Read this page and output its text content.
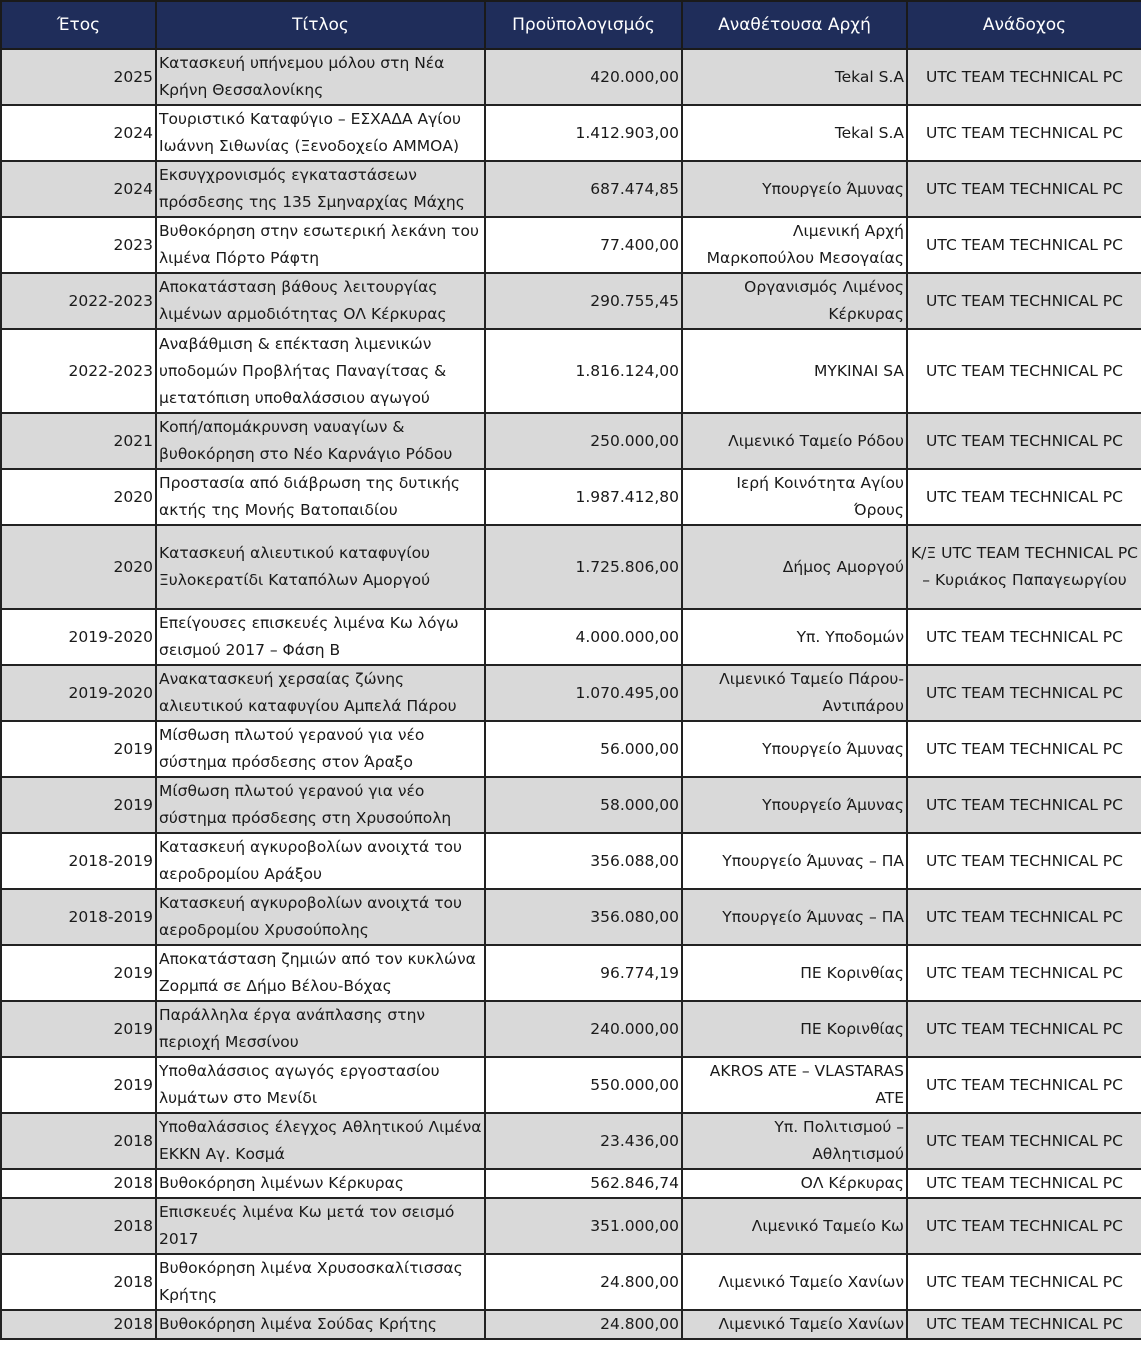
Έτος	Τίτλος	Προϋπολογισμός	Αναθέτουσα Αρχή	Ανάδοχος
2025	Κατασκευή υπήνεμου μόλου στη Νέα Κρήνη Θεσσαλονίκης	420.000,00	Tekal S.A	UTC TEAM TECHNICAL PC
2024	Τουριστικό Καταφύγιο – ΕΣΧΑΔΑ Αγίου Ιωάννη Σιθωνίας (Ξενοδοχείο ΑΜΜΟΑ)	1.412.903,00	Tekal S.A	UTC TEAM TECHNICAL PC
2024	Εκσυγχρονισμός εγκαταστάσεων πρόσδεσης της 135 Σμηναρχίας Μάχης	687.474,85	Υπουργείο Άμυνας	UTC TEAM TECHNICAL PC
2023	Βυθοκόρηση στην εσωτερική λεκάνη του λιμένα Πόρτο Ράφτη	77.400,00	Λιμενική Αρχή Μαρκοπούλου Μεσογαίας	UTC TEAM TECHNICAL PC
2022-2023	Αποκατάσταση βάθους λειτουργίας λιμένων αρμοδιότητας ΟΛ Κέρκυρας	290.755,45	Οργανισμός Λιμένος Κέρκυρας	UTC TEAM TECHNICAL PC
2022-2023	Αναβάθμιση & επέκταση λιμενικών υποδομών Προβλήτας Παναγίτσας & μετατόπιση υποθαλάσσιου αγωγού	1.816.124,00	ΜΥΚΙΝΑΙ SA	UTC TEAM TECHNICAL PC
2021	Κοπή/απομάκρυνση ναυαγίων & βυθοκόρηση στο Νέο Καρνάγιο Ρόδου	250.000,00	Λιμενικό Ταμείο Ρόδου	UTC TEAM TECHNICAL PC
2020	Προστασία από διάβρωση της δυτικής ακτής της Μονής Βατοπαιδίου	1.987.412,80	Ιερή Κοινότητα Αγίου Όρους	UTC TEAM TECHNICAL PC
2020	Κατασκευή αλιευτικού καταφυγίου Ξυλοκερατίδι Καταπόλων Αμοργού	1.725.806,00	Δήμος Αμοργού	Κ/Ξ UTC TEAM TECHNICAL PC – Κυριάκος Παπαγεωργίου
2019-2020	Επείγουσες επισκευές λιμένα Κω λόγω σεισμού 2017 – Φάση Β	4.000.000,00	Υπ. Υποδομών	UTC TEAM TECHNICAL PC
2019-2020	Ανακατασκευή χερσαίας ζώνης αλιευτικού καταφυγίου Αμπελά Πάρου	1.070.495,00	Λιμενικό Ταμείο Πάρου-Αντιπάρου	UTC TEAM TECHNICAL PC
2019	Μίσθωση πλωτού γερανού για νέο σύστημα πρόσδεσης στον Άραξο	56.000,00	Υπουργείο Άμυνας	UTC TEAM TECHNICAL PC
2019	Μίσθωση πλωτού γερανού για νέο σύστημα πρόσδεσης στη Χρυσούπολη	58.000,00	Υπουργείο Άμυνας	UTC TEAM TECHNICAL PC
2018-2019	Κατασκευή αγκυροβολίων ανοιχτά του αεροδρομίου Αράξου	356.088,00	Υπουργείο Άμυνας – ΠΑ	UTC TEAM TECHNICAL PC
2018-2019	Κατασκευή αγκυροβολίων ανοιχτά του αεροδρομίου Χρυσούπολης	356.080,00	Υπουργείο Άμυνας – ΠΑ	UTC TEAM TECHNICAL PC
2019	Αποκατάσταση ζημιών από τον κυκλώνα Ζορμπά σε Δήμο Βέλου-Βόχας	96.774,19	ΠΕ Κορινθίας	UTC TEAM TECHNICAL PC
2019	Παράλληλα έργα ανάπλασης στην περιοχή Μεσσίνου	240.000,00	ΠΕ Κορινθίας	UTC TEAM TECHNICAL PC
2019	Υποθαλάσσιος αγωγός εργοστασίου λυμάτων στο Μενίδι	550.000,00	AKROS ATE – VLASTARAS ATE	UTC TEAM TECHNICAL PC
2018	Υποθαλάσσιος έλεγχος Αθλητικού Λιμένα ΕΚΚΝ Αγ. Κοσμά	23.436,00	Υπ. Πολιτισμού – Αθλητισμού	UTC TEAM TECHNICAL PC
2018	Βυθοκόρηση λιμένων Κέρκυρας	562.846,74	ΟΛ Κέρκυρας	UTC TEAM TECHNICAL PC
2018	Επισκευές λιμένα Κω μετά τον σεισμό 2017	351.000,00	Λιμενικό Ταμείο Κω	UTC TEAM TECHNICAL PC
2018	Βυθοκόρηση λιμένα Χρυσοσκαλίτισσας Κρήτης	24.800,00	Λιμενικό Ταμείο Χανίων	UTC TEAM TECHNICAL PC
2018	Βυθοκόρηση λιμένα Σούδας Κρήτης	24.800,00	Λιμενικό Ταμείο Χανίων	UTC TEAM TECHNICAL PC
